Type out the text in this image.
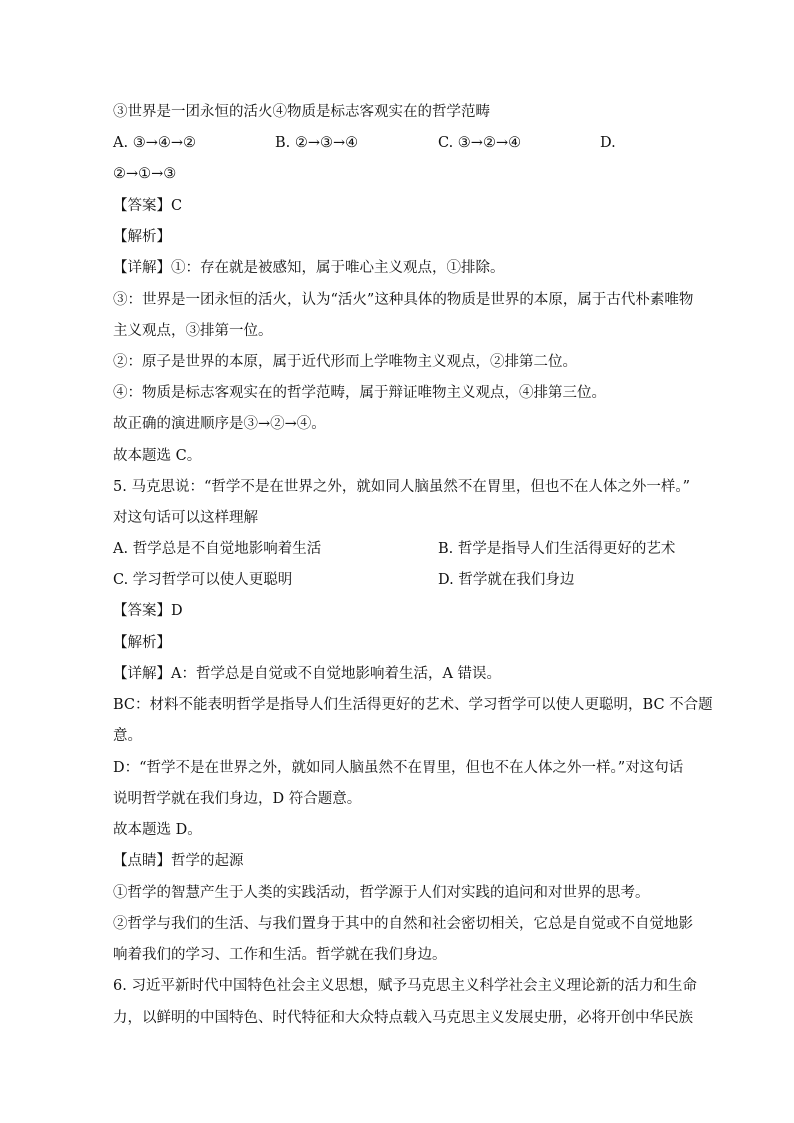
③世界是一团永恒的活火④物质是标志客观实在的哲学范畴
A. ③→④→②	B. ②→③→④	C. ③→②→④	D.
②→①→③
【答案】C
【解析】
【详解】①：存在就是被感知，属于唯心主义观点，①排除。
③：世界是一团永恒的活火，认为“活火”这种具体的物质是世界的本原，属于古代朴素唯物
主义观点，③排第一位。
②：原子是世界的本原，属于近代形而上学唯物主义观点，②排第二位。
④：物质是标志客观实在的哲学范畴，属于辩证唯物主义观点，④排第三位。
故正确的演进顺序是③→②→④。
故本题选 C。
5. 马克思说：“哲学不是在世界之外，就如同人脑虽然不在胃里，但也不在人体之外一样。”
对这句话可以这样理解
A. 哲学总是不自觉地影响着生活	B. 哲学是指导人们生活得更好的艺术
C. 学习哲学可以使人更聪明	D. 哲学就在我们身边
【答案】D
【解析】
【详解】A：哲学总是自觉或不自觉地影响着生活，A 错误。
BC：材料不能表明哲学是指导人们生活得更好的艺术、学习哲学可以使人更聪明，BC 不合题
意。
D：“哲学不是在世界之外，就如同人脑虽然不在胃里，但也不在人体之外一样。”对这句话
说明哲学就在我们身边，D 符合题意。
故本题选 D。
【点睛】哲学的起源
①哲学的智慧产生于人类的实践活动，哲学源于人们对实践的追问和对世界的思考。
②哲学与我们的生活、与我们置身于其中的自然和社会密切相关，它总是自觉或不自觉地影
响着我们的学习、工作和生活。哲学就在我们身边。
6. 习近平新时代中国特色社会主义思想，赋予马克思主义科学社会主义理论新的活力和生命
力，以鲜明的中国特色、时代特征和大众特点载入马克思主义发展史册，必将开创中华民族
